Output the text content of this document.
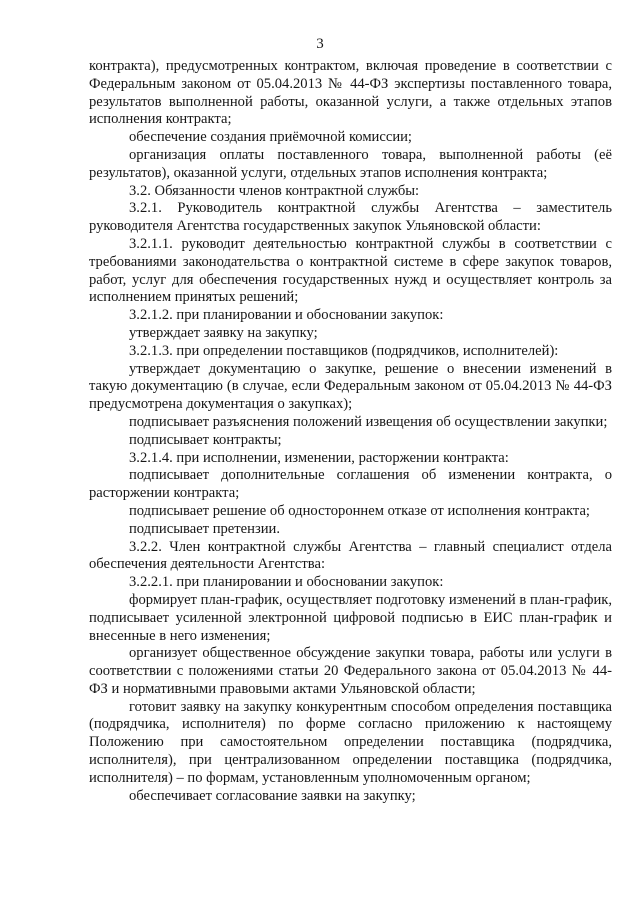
3

контракта), предусмотренных контрактом, включая проведение в соответствии с Федеральным законом от 05.04.2013 № 44-ФЗ экспертизы поставленного товара, результатов выполненной работы, оказанной услуги, а также отдельных этапов исполнения контракта;

обеспечение создания приёмочной комиссии;

организация оплаты поставленного товара, выполненной работы (её результатов), оказанной услуги, отдельных этапов исполнения контракта;

3.2. Обязанности членов контрактной службы:

3.2.1. Руководитель контрактной службы Агентства – заместитель руководителя Агентства государственных закупок Ульяновской области:

3.2.1.1. руководит деятельностью контрактной службы в соответствии с требованиями законодательства о контрактной системе в сфере закупок товаров, работ, услуг для обеспечения государственных нужд и осуществляет контроль за исполнением принятых решений;

3.2.1.2. при планировании и обосновании закупок:

утверждает заявку на закупку;

3.2.1.3. при определении поставщиков (подрядчиков, исполнителей):

утверждает документацию о закупке, решение о внесении изменений в такую документацию (в случае, если Федеральным законом от 05.04.2013 № 44-ФЗ предусмотрена документация о закупках);

подписывает разъяснения положений извещения об осуществлении закупки;

подписывает контракты;

3.2.1.4. при исполнении, изменении, расторжении контракта:

подписывает дополнительные соглашения об изменении контракта, о расторжении контракта;

подписывает решение об одностороннем отказе от исполнения контракта;

подписывает претензии.

3.2.2. Член контрактной службы Агентства – главный специалист отдела обеспечения деятельности Агентства:

3.2.2.1. при планировании и обосновании закупок:

формирует план-график, осуществляет подготовку изменений в план-график, подписывает усиленной электронной цифровой подписью в ЕИС план-график и внесенные в него изменения;

организует общественное обсуждение закупки товара, работы или услуги в соответствии с положениями статьи 20 Федерального закона от 05.04.2013 № 44-ФЗ и нормативными правовыми актами Ульяновской области;

готовит заявку на закупку конкурентным способом определения поставщика (подрядчика, исполнителя) по форме согласно приложению к настоящему Положению при самостоятельном определении поставщика (подрядчика, исполнителя), при централизованном определении поставщика (подрядчика, исполнителя) – по формам, установленным уполномоченным органом;

обеспечивает согласование заявки на закупку;
